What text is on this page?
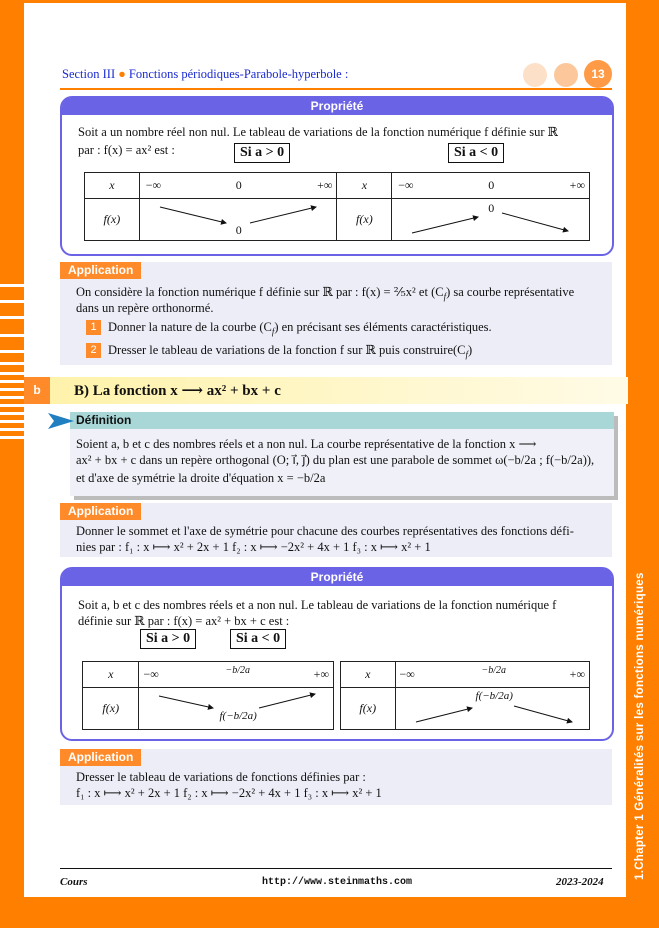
1.Chapter 1 Généralités sur les fonctions numériques
Section III ● Fonctions périodiques-Parabole-hyperbole :	13
Propriété
Soit a un nombre réel non nul. Le tableau de variations de la fonction numérique f définie sur ℝ
par : f(x) = ax² est :	Si a > 0	Si a < 0
x	−∞ 0 +∞	x	−∞ 0 +∞

f(x)	0	f(x)	0
Application
On considère la fonction numérique f définie sur ℝ par : f(x) = ⅖x² et $(C_f)$ sa courbe représentative
dans un repère orthonormé.
1 Donner la nature de la courbe $(C_f)$ en précisant ses éléments caractéristiques.
2 Dresser le tableau de variations de la fonction f sur ℝ puis $construire(C_f)$
b	B) La fonction x ⟶ ax² + bx + c
Définition
Soient a, b et c des nombres réels et a non nul. La courbe représentative de la fonction x ⟶
ax² + bx + c dans un repère orthogonal (O; i⃗, j⃗) du plan est une parabole de sommet ω(−b/2a ; f(−b/2a)),
et d'axe de symétrie la droite d'équation x = −b/2a
Application
Donner le sommet et l'axe de symétrie pour chacune des courbes représentatives des fonctions défi-
nies par : f₁ : x ⟼ x² + 2x + 1 f₂ : x ⟼ −2x² + 4x + 1 f₃ : x ⟼ x² + 1
Propriété
Soit a, b et c des nombres réels et a non nul. Le tableau de variations de la fonction numérique f
définie sur ℝ par : f(x) = ax² + bx + c est :
Si a > 0	Si a < 0
x	−∞ −b/2a +∞

f(x)	f(−b/2a)
x	−∞ −b/2a +∞

f(x)	f(−b/2a)
Application
Dresser le tableau de variations de fonctions définies par :
f₁ : x ⟼ x² + 2x + 1 f₂ : x ⟼ −2x² + 4x + 1 f₃ : x ⟼ x² + 1
Cours	http://www.steinmaths.com	2023-2024
